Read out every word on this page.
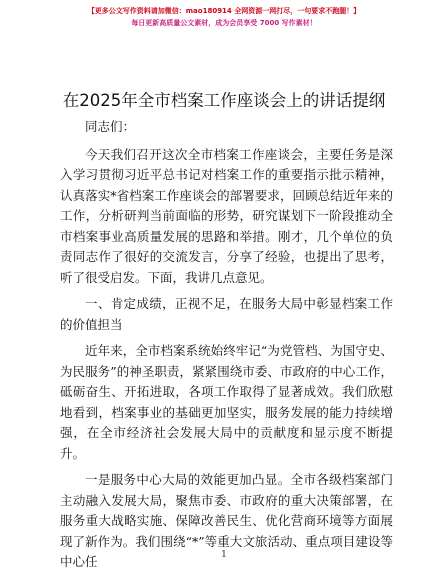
【更多公文写作资料请加微信：mao180914 全网资源一网打尽，一句要求不跑腿！】
每日更新高质量公文素材，成为会员享受 7000 写作素材！
在2025年全市档案工作座谈会上的讲话提纲

同志们：

今天我们召开这次全市档案工作座谈会，主要任务是深入学习贯彻习近平总书记对档案工作的重要指示批示精神，认真落实*省档案工作座谈会的部署要求，回顾总结近年来的工作，分析研判当前面临的形势，研究谋划下一阶段推动全市档案事业高质量发展的思路和举措。刚才，几个单位的负责同志作了很好的交流发言，分享了经验，也提出了思考，听了很受启发。下面，我讲几点意见。

一、肯定成绩，正视不足，在服务大局中彰显档案工作的价值担当

近年来，全市档案系统始终牢记“为党管档、为国守史、为民服务”的神圣职责，紧紧围绕市委、市政府的中心工作，砥砺奋生、开拓进取，各项工作取得了显著成效。我们欣慰地看到，档案事业的基础更加坚实，服务发展的能力持续增强，在全市经济社会发展大局中的贡献度和显示度不断提升。

一是服务中心大局的效能更加凸显。全市各级档案部门主动融入发展大局，聚焦市委、市政府的重大决策部署，在服务重大战略实施、保障改善民生、优化营商环境等方面展现了新作为。我们围绕“*”等重大文旅活动、重点项目建设等中心任	1
